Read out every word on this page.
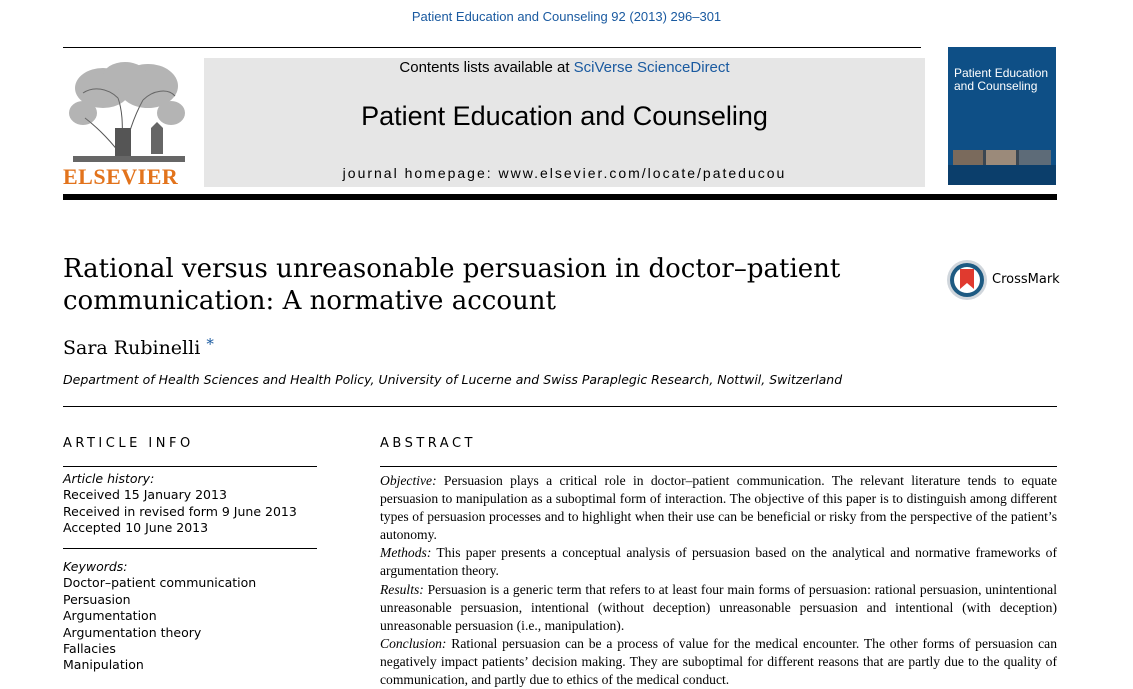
Patient Education and Counseling 92 (2013) 296–301
ELSEVIER
Contents lists available at SciVerse ScienceDirect
Patient Education and Counseling
journal homepage: www.elsevier.com/locate/pateducou
Patient Education and Counseling
Rational versus unreasonable persuasion in doctor–patient communication: A normative account
CrossMark
Sara Rubinelli *
Department of Health Sciences and Health Policy, University of Lucerne and Swiss Paraplegic Research, Nottwil, Switzerland
ARTICLE INFO
Article history:
Received 15 January 2013
Received in revised form 9 June 2013
Accepted 10 June 2013
Keywords:
Doctor–patient communication
Persuasion
Argumentation
Argumentation theory
Fallacies
Manipulation
ABSTRACT

Objective: Persuasion plays a critical role in doctor–patient communication. The relevant literature tends to equate persuasion to manipulation as a suboptimal form of interaction. The objective of this paper is to distinguish among different types of persuasion processes and to highlight when their use can be beneficial or risky from the perspective of the patient’s autonomy.

Methods: This paper presents a conceptual analysis of persuasion based on the analytical and normative frameworks of argumentation theory.

Results: Persuasion is a generic term that refers to at least four main forms of persuasion: rational persuasion, unintentional unreasonable persuasion, intentional (without deception) unreasonable persuasion and intentional (with deception) unreasonable persuasion (i.e., manipulation).

Conclusion: Rational persuasion can be a process of value for the medical encounter. The other forms of persuasion can negatively impact patients’ decision making. They are suboptimal for different reasons that are partly due to the quality of communication, and partly due to ethics of the medical conduct.
